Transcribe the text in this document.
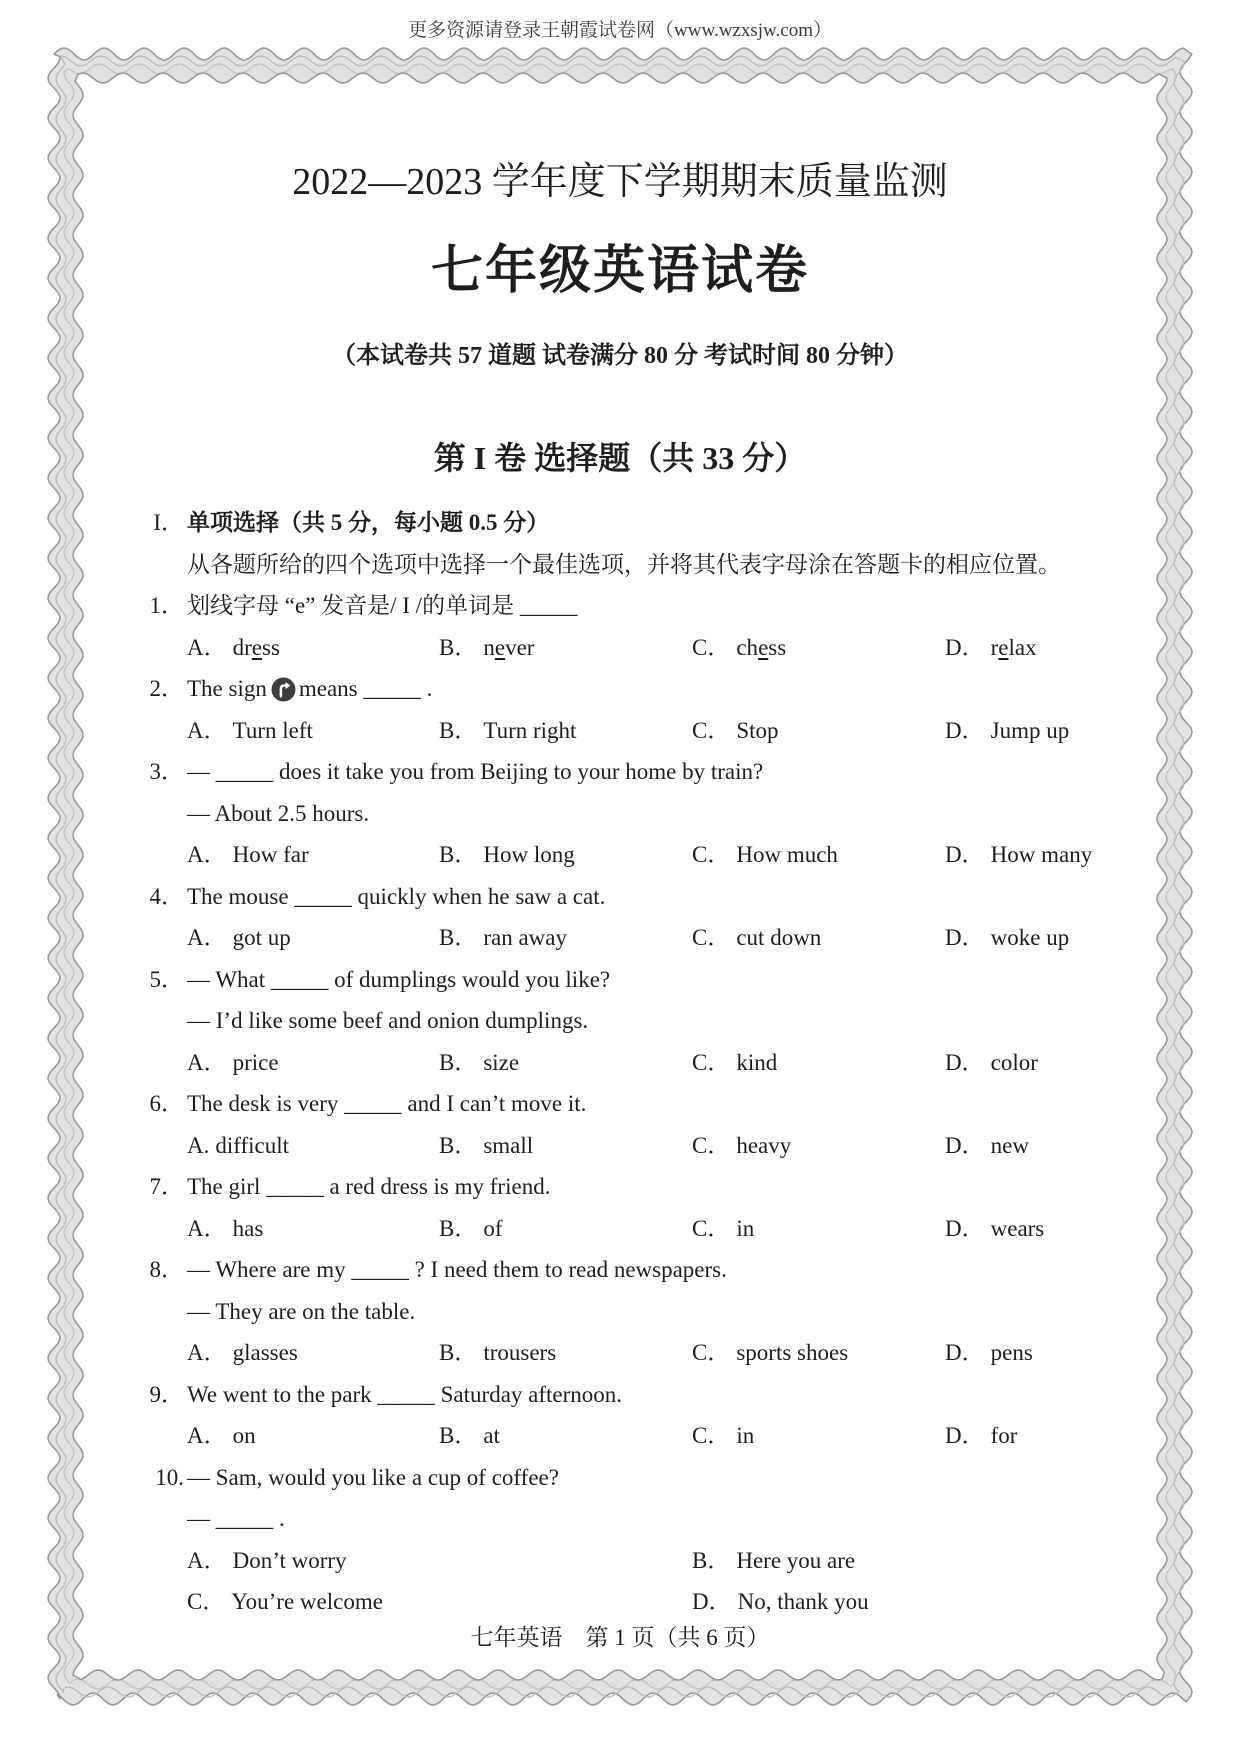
更多资源请登录王朝霞试卷网（www.wzxsjw.com）
2022—2023 学年度下学期期末质量监测
七年级英语试卷
（本试卷共 57 道题 试卷满分 80 分 考试时间 80 分钟）
第 I 卷 选择题（共 33 分）
I． 单项选择（共 5 分，每小题 0.5 分）
从各题所给的四个选项中选择一个最佳选项，并将其代表字母涂在答题卡的相应位置。
1． 划线字母 “e” 发音是/ I /的单词是 _____
A． dress	B． never	C． chess	D． relax
2． The sign means _____ .
A． Turn left	B． Turn right	C． Stop	D． Jump up
3． — _____ does it take you from Beijing to your home by train?
— About 2.5 hours.
A． How far	B． How long	C． How much	D． How many
4． The mouse _____ quickly when he saw a cat.
A． got up	B． ran away	C． cut down	D． woke up
5． — What _____ of dumplings would you like?
— I’d like some beef and onion dumplings.
A． price	B． size	C． kind	D． color
6． The desk is very _____ and I can’t move it.
A. difficult	B． small	C． heavy	D． new
7． The girl _____ a red dress is my friend.
A． has	B． of	C． in	D． wears
8． — Where are my _____ ? I need them to read newspapers.
— They are on the table.
A． glasses	B． trousers	C． sports shoes	D． pens
9． We went to the park _____ Saturday afternoon.
A． on	B． at	C． in	D． for
10. — Sam, would you like a cup of coffee?
— _____ .
A． Don’t worry	B． Here you are
C． You’re welcome	D． No, thank you
七年英语　第 1 页（共 6 页）
